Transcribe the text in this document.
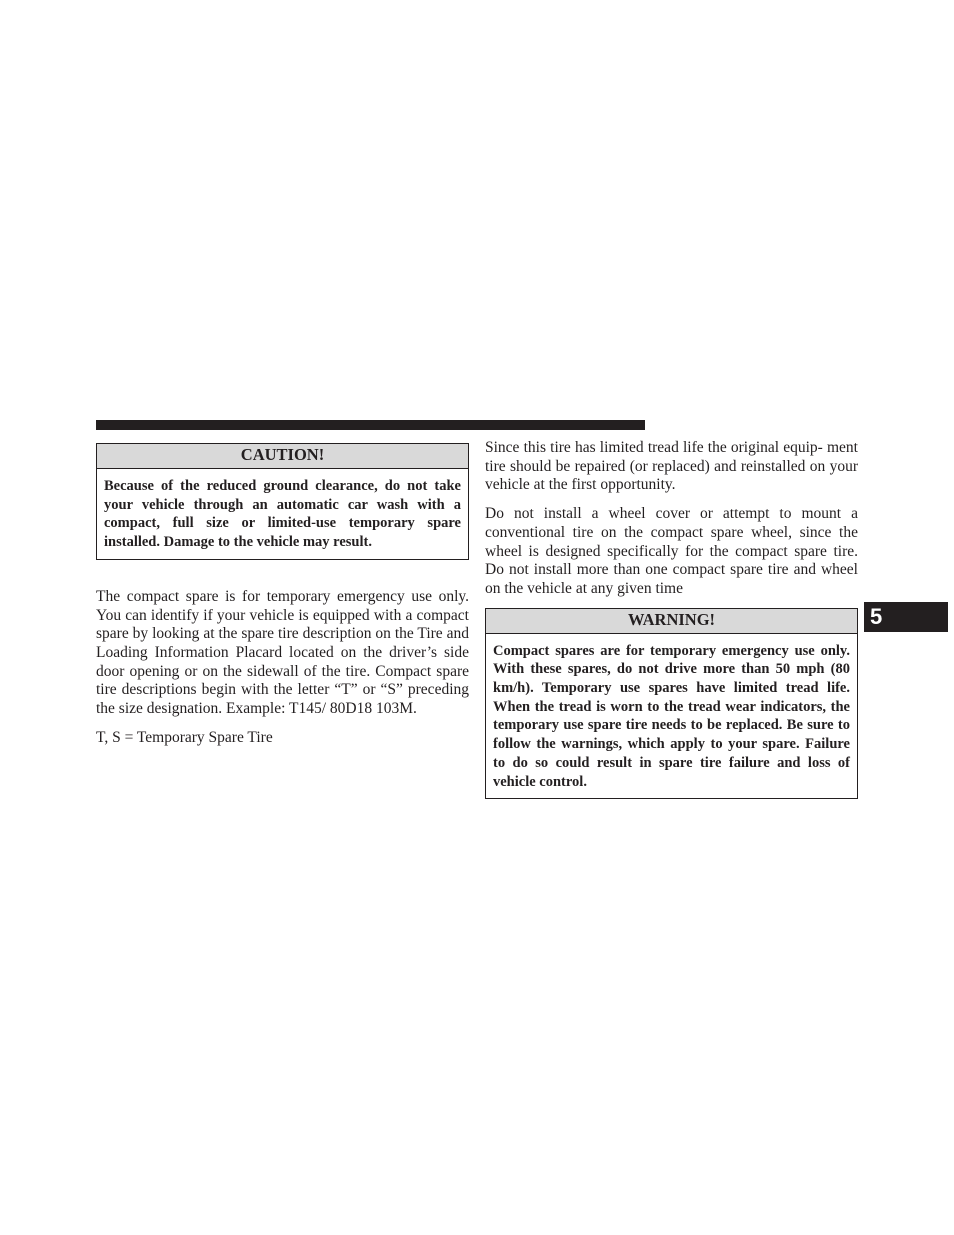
CAUTION!
Because of the reduced ground clearance, do not take your vehicle through an automatic car wash with a compact, full size or limited-use temporary spare installed. Damage to the vehicle may result.

The compact spare is for temporary emergency use only. You can identify if your vehicle is equipped with a compact spare by looking at the spare tire description on the Tire and Loading Information Placard located on the driver’s side door opening or on the sidewall of the tire. Compact spare tire descriptions begin with the letter “T” or “S” preceding the size designation. Example: T145/ 80D18 103M.

T, S = Temporary Spare Tire

Since this tire has limited tread life the original equip- ment tire should be repaired (or replaced) and reinstalled on your vehicle at the first opportunity.

Do not install a wheel cover or attempt to mount a conventional tire on the compact spare wheel, since the wheel is designed specifically for the compact spare tire. Do not install more than one compact spare tire and wheel on the vehicle at any given time

WARNING!
Compact spares are for temporary emergency use only. With these spares, do not drive more than 50 mph (80 km/h). Temporary use spares have limited tread life. When the tread is worn to the tread wear indicators, the temporary use spare tire needs to be replaced. Be sure to follow the warnings, which apply to your spare. Failure to do so could result in spare tire failure and loss of vehicle control.
5
